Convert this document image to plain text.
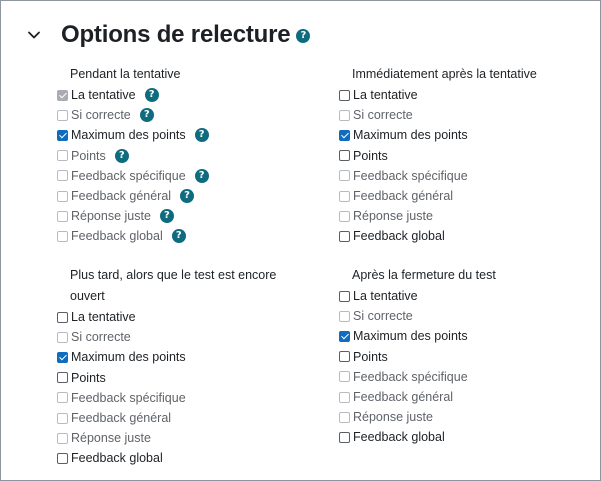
Options de relecture	?
Pendant la tentative
La tentative	?
Si correcte	?
Maximum des points	?
Points	?
Feedback spécifique	?
Feedback général	?
Réponse juste	?
Feedback global	?
Immédiatement après la tentative
La tentative
Si correcte
Maximum des points
Points
Feedback spécifique
Feedback général
Réponse juste
Feedback global
Plus tard, alors que le test est encore
ouvert
La tentative
Si correcte
Maximum des points
Points
Feedback spécifique
Feedback général
Réponse juste
Feedback global
Après la fermeture du test
La tentative
Si correcte
Maximum des points
Points
Feedback spécifique
Feedback général
Réponse juste
Feedback global
